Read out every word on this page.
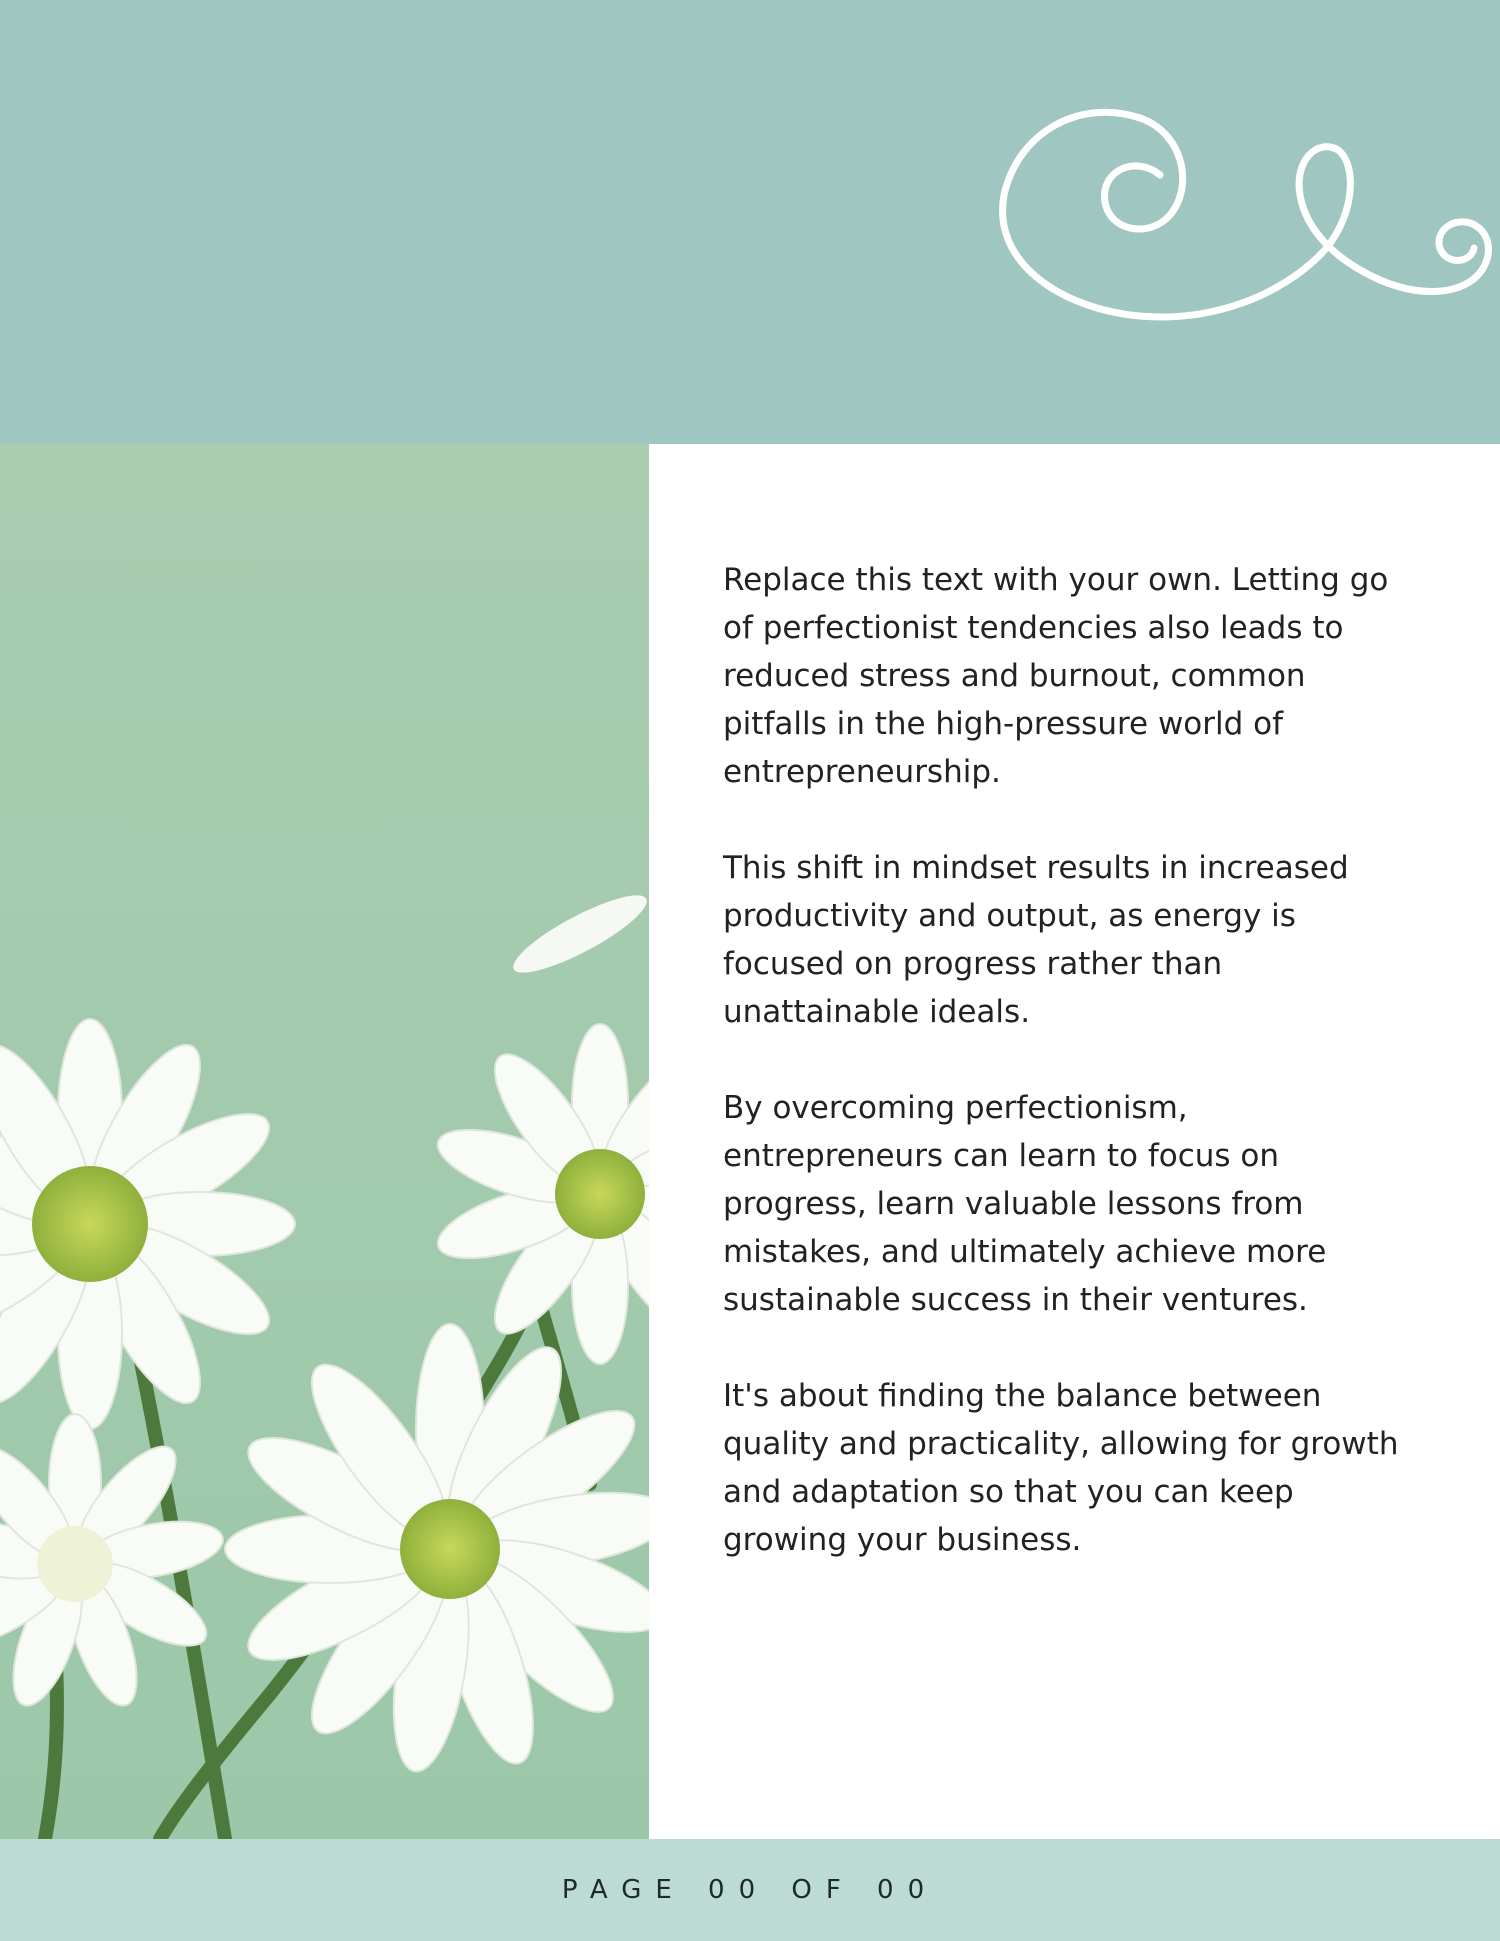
Replace this text with your own. Letting go of perfectionist tendencies also leads to reduced stress and burnout, common pitfalls in the high-pressure world of entrepreneurship.

This shift in mindset results in increased productivity and output, as energy is focused on progress rather than unattainable ideals.

By overcoming perfectionism, entrepreneurs can learn to focus on progress, learn valuable lessons from mistakes, and ultimately achieve more sustainable success in their ventures.

It's about finding the balance between quality and practicality, allowing for growth and adaptation so that you can keep growing your business.

PAGE 00 OF 00
